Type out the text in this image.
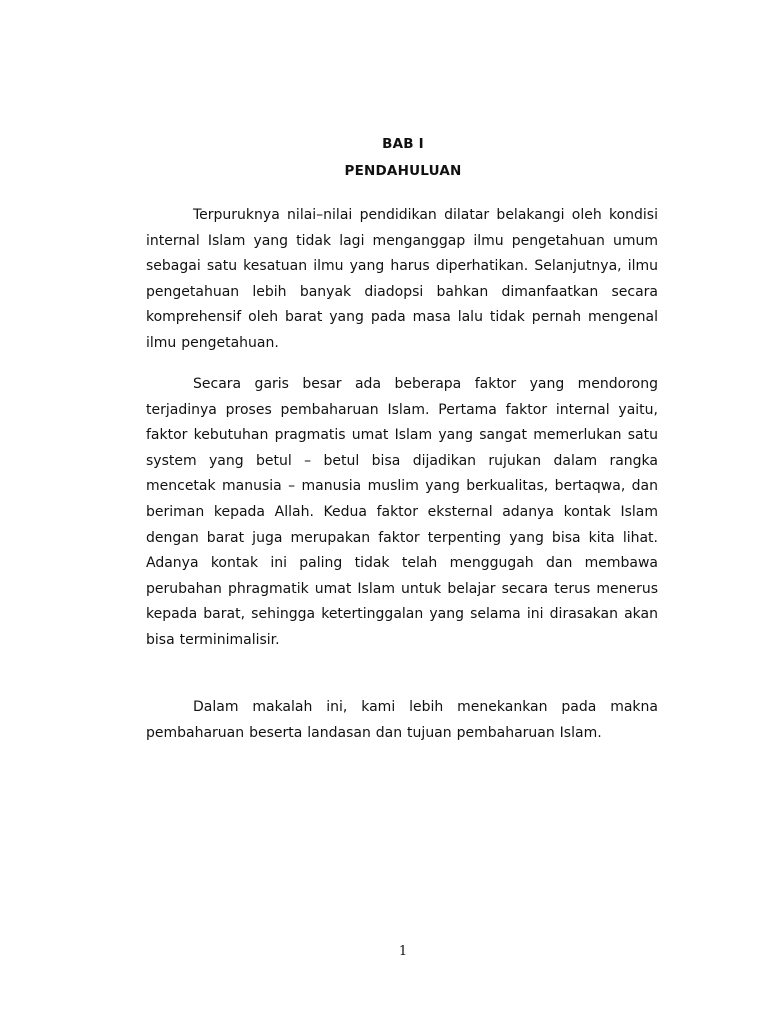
BAB I
PENDAHULUAN

Terpuruknya nilai–nilai pendidikan dilatar belakangi oleh kondisi internal Islam yang tidak lagi menganggap ilmu pengetahuan umum sebagai satu kesatuan ilmu yang harus diperhatikan. Selanjutnya, ilmu pengetahuan lebih banyak diadopsi bahkan dimanfaatkan secara komprehensif oleh barat yang pada masa lalu tidak pernah mengenal ilmu pengetahuan.

Secara garis besar ada beberapa faktor yang mendorong terjadinya proses pembaharuan Islam. Pertama faktor internal yaitu, faktor kebutuhan pragmatis umat Islam yang sangat memerlukan satu system yang betul – betul bisa dijadikan rujukan dalam rangka mencetak manusia – manusia muslim yang berkualitas, bertaqwa, dan beriman kepada Allah. Kedua faktor eksternal adanya kontak Islam dengan barat juga merupakan faktor terpenting yang bisa kita lihat. Adanya kontak ini paling tidak telah menggugah dan membawa perubahan phragmatik umat Islam untuk belajar secara terus menerus kepada barat, sehingga ketertinggalan yang selama ini dirasakan akan bisa terminimalisir.

Dalam makalah ini, kami lebih menekankan pada makna pembaharuan beserta landasan dan tujuan pembaharuan Islam.

1
